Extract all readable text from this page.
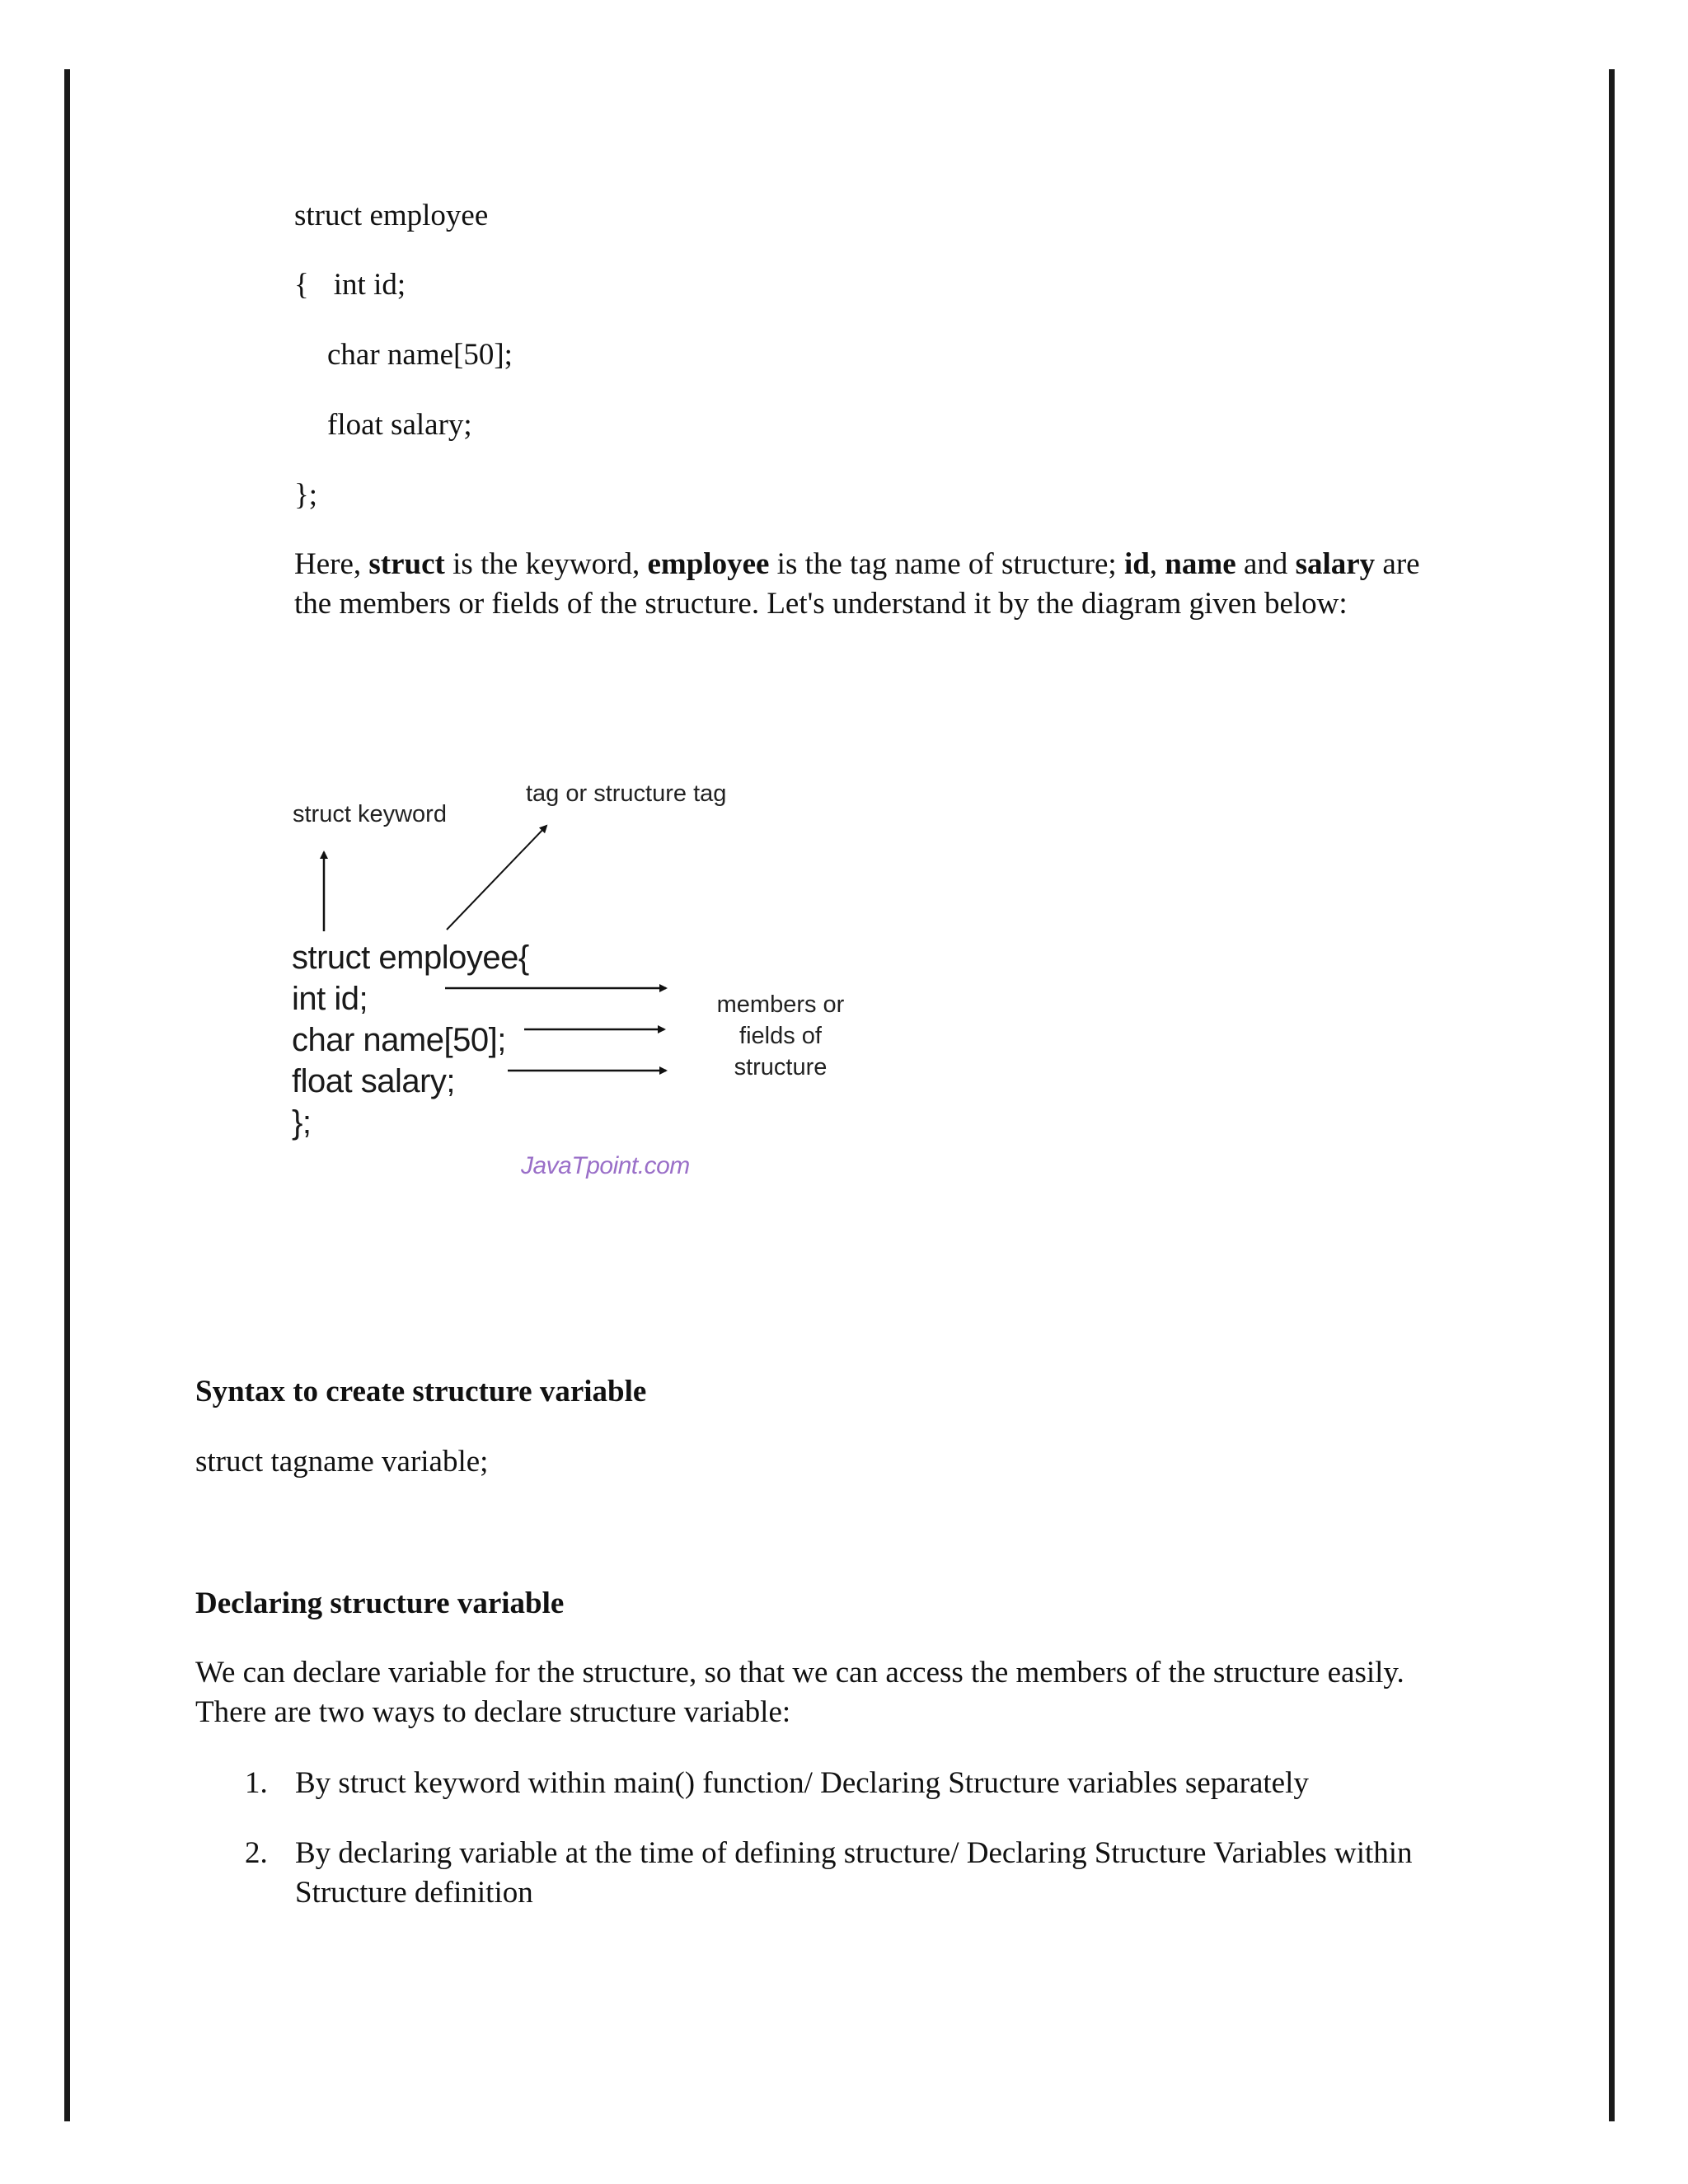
struct employee
{ int id;
char name[50];
float salary;
};
Here, struct is the keyword, employee is the tag name of structure; id, name and salary are the members or fields of the structure. Let's understand it by the diagram given below:
struct keyword
tag or structure tag
struct employee{
int id;
char name[50];
float salary;
};
members or
fields of
structure
JavaTpoint.com
Syntax to create structure variable
struct tagname variable;
Declaring structure variable
We can declare variable for the structure, so that we can access the members of the structure easily. There are two ways to declare structure variable:
1. By struct keyword within main() function/ Declaring Structure variables separately
2. By declaring variable at the time of defining structure/ Declaring Structure Variables within Structure definition
